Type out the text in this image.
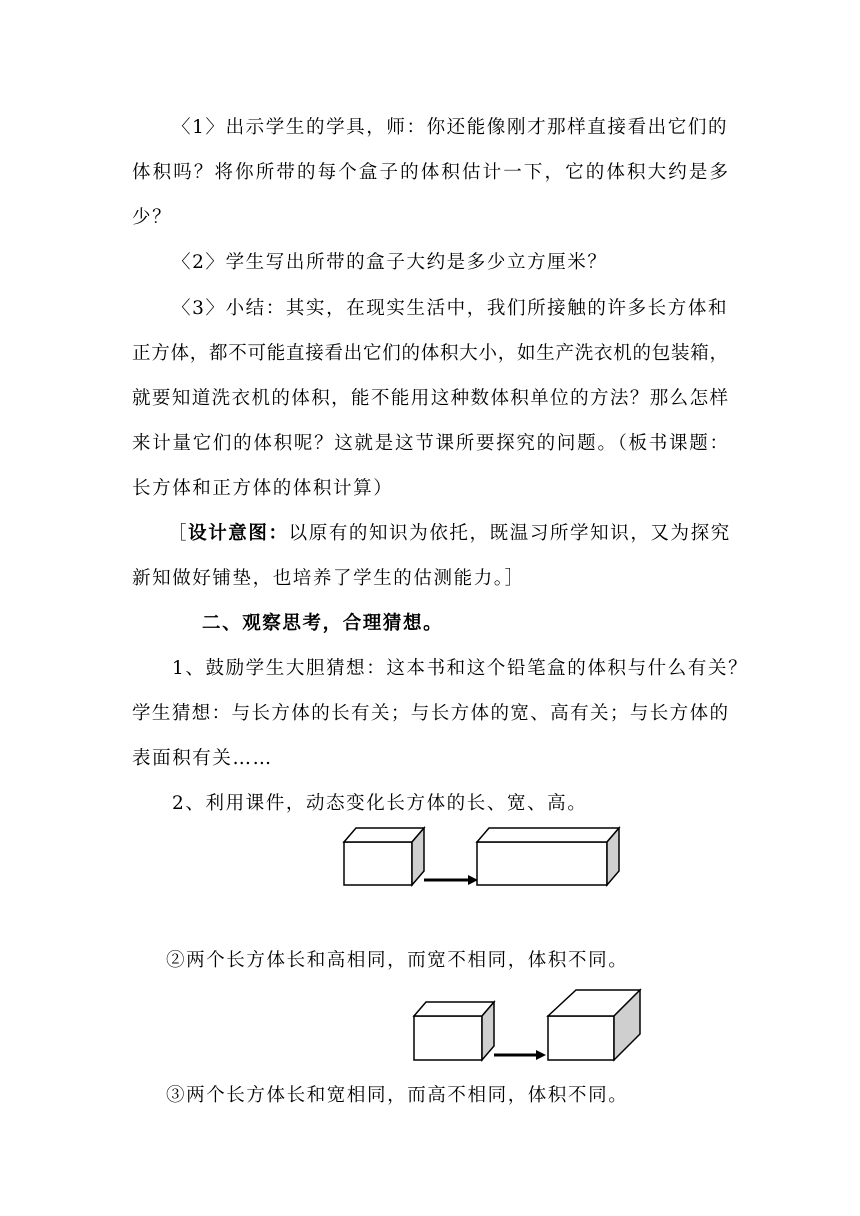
〈1〉出示学生的学具，师：你还能像刚才那样直接看出它们的
体积吗？将你所带的每个盒子的体积估计一下，它的体积大约是多
少？
〈2〉学生写出所带的盒子大约是多少立方厘米？
〈3〉小结：其实，在现实生活中，我们所接触的许多长方体和
正方体，都不可能直接看出它们的体积大小，如生产洗衣机的包装箱，
就要知道洗衣机的体积，能不能用这种数体积单位的方法？那么怎样
来计量它们的体积呢？这就是这节课所要探究的问题。（板书课题：
长方体和正方体的体积计算）
［设计意图：以原有的知识为依托，既温习所学知识，又为探究
新知做好铺垫，也培养了学生的估测能力。］
二、观察思考，合理猜想。
1、鼓励学生大胆猜想：这本书和这个铅笔盒的体积与什么有关？
学生猜想：与长方体的长有关；与长方体的宽、高有关；与长方体的
表面积有关……
2、利用课件，动态变化长方体的长、宽、高。
②两个长方体长和高相同，而宽不相同，体积不同。
③两个长方体长和宽相同，而高不相同，体积不同。
